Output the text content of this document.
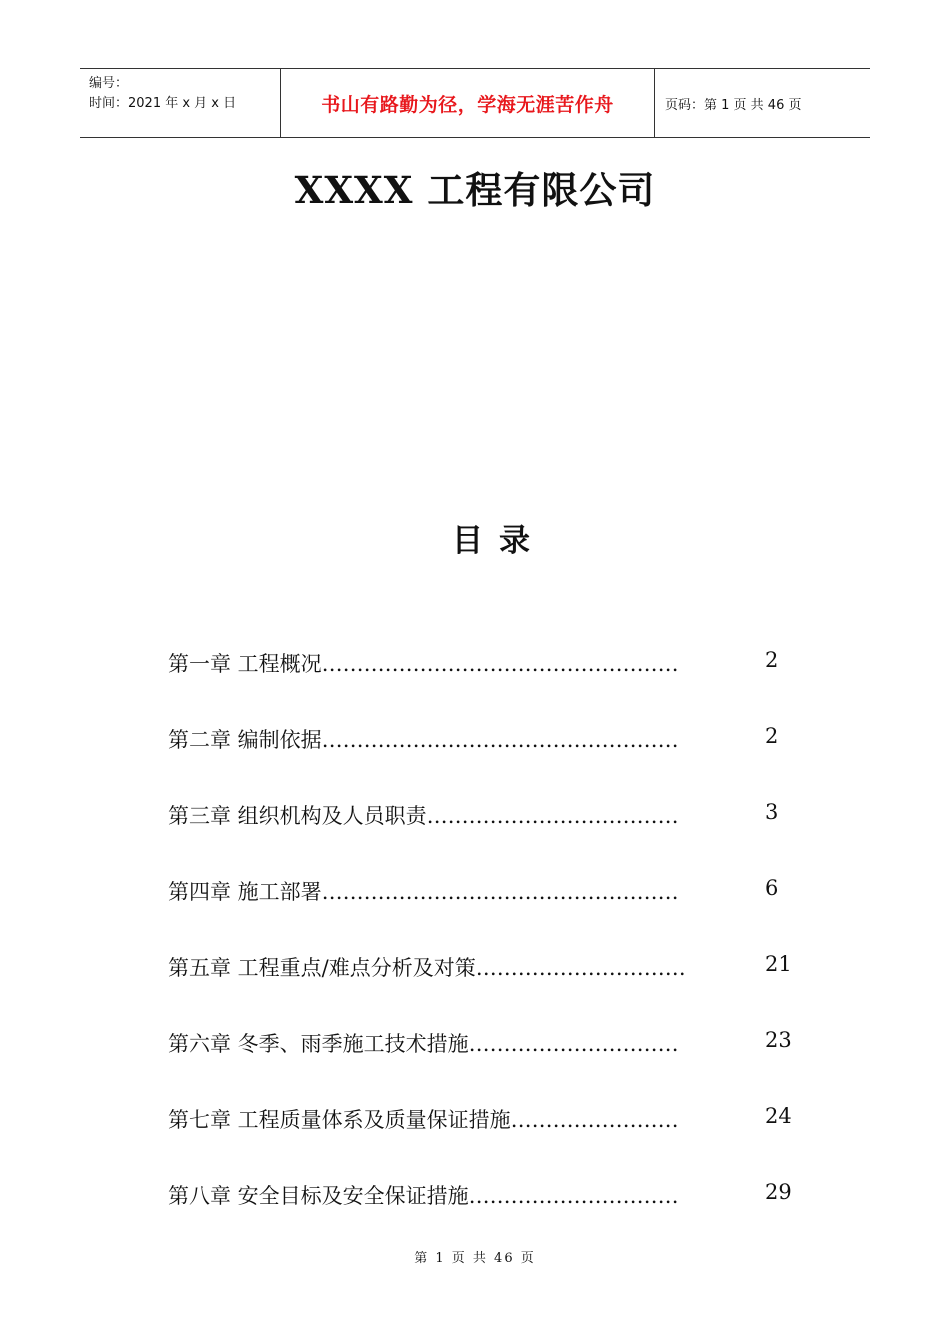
编号：
时间：2021 年 x 月 x 日	书山有路勤为径，学海无涯苦作舟	页码：第 1 页 共 46 页
XXXX 工程有限公司
目录
第一章 工程概况……………………………………………	2
第二章 编制依据……………………………………………	2
第三章 组织机构及人员职责………………………………	3
第四章 施工部署……………………………………………	6
第五章 工程重点/难点分析及对策…………………………	21
第六章 冬季、雨季施工技术措施…………………………	23
第七章 工程质量体系及质量保证措施……………………	24
第八章 安全目标及安全保证措施…………………………	29
第 1 页 共 46 页
